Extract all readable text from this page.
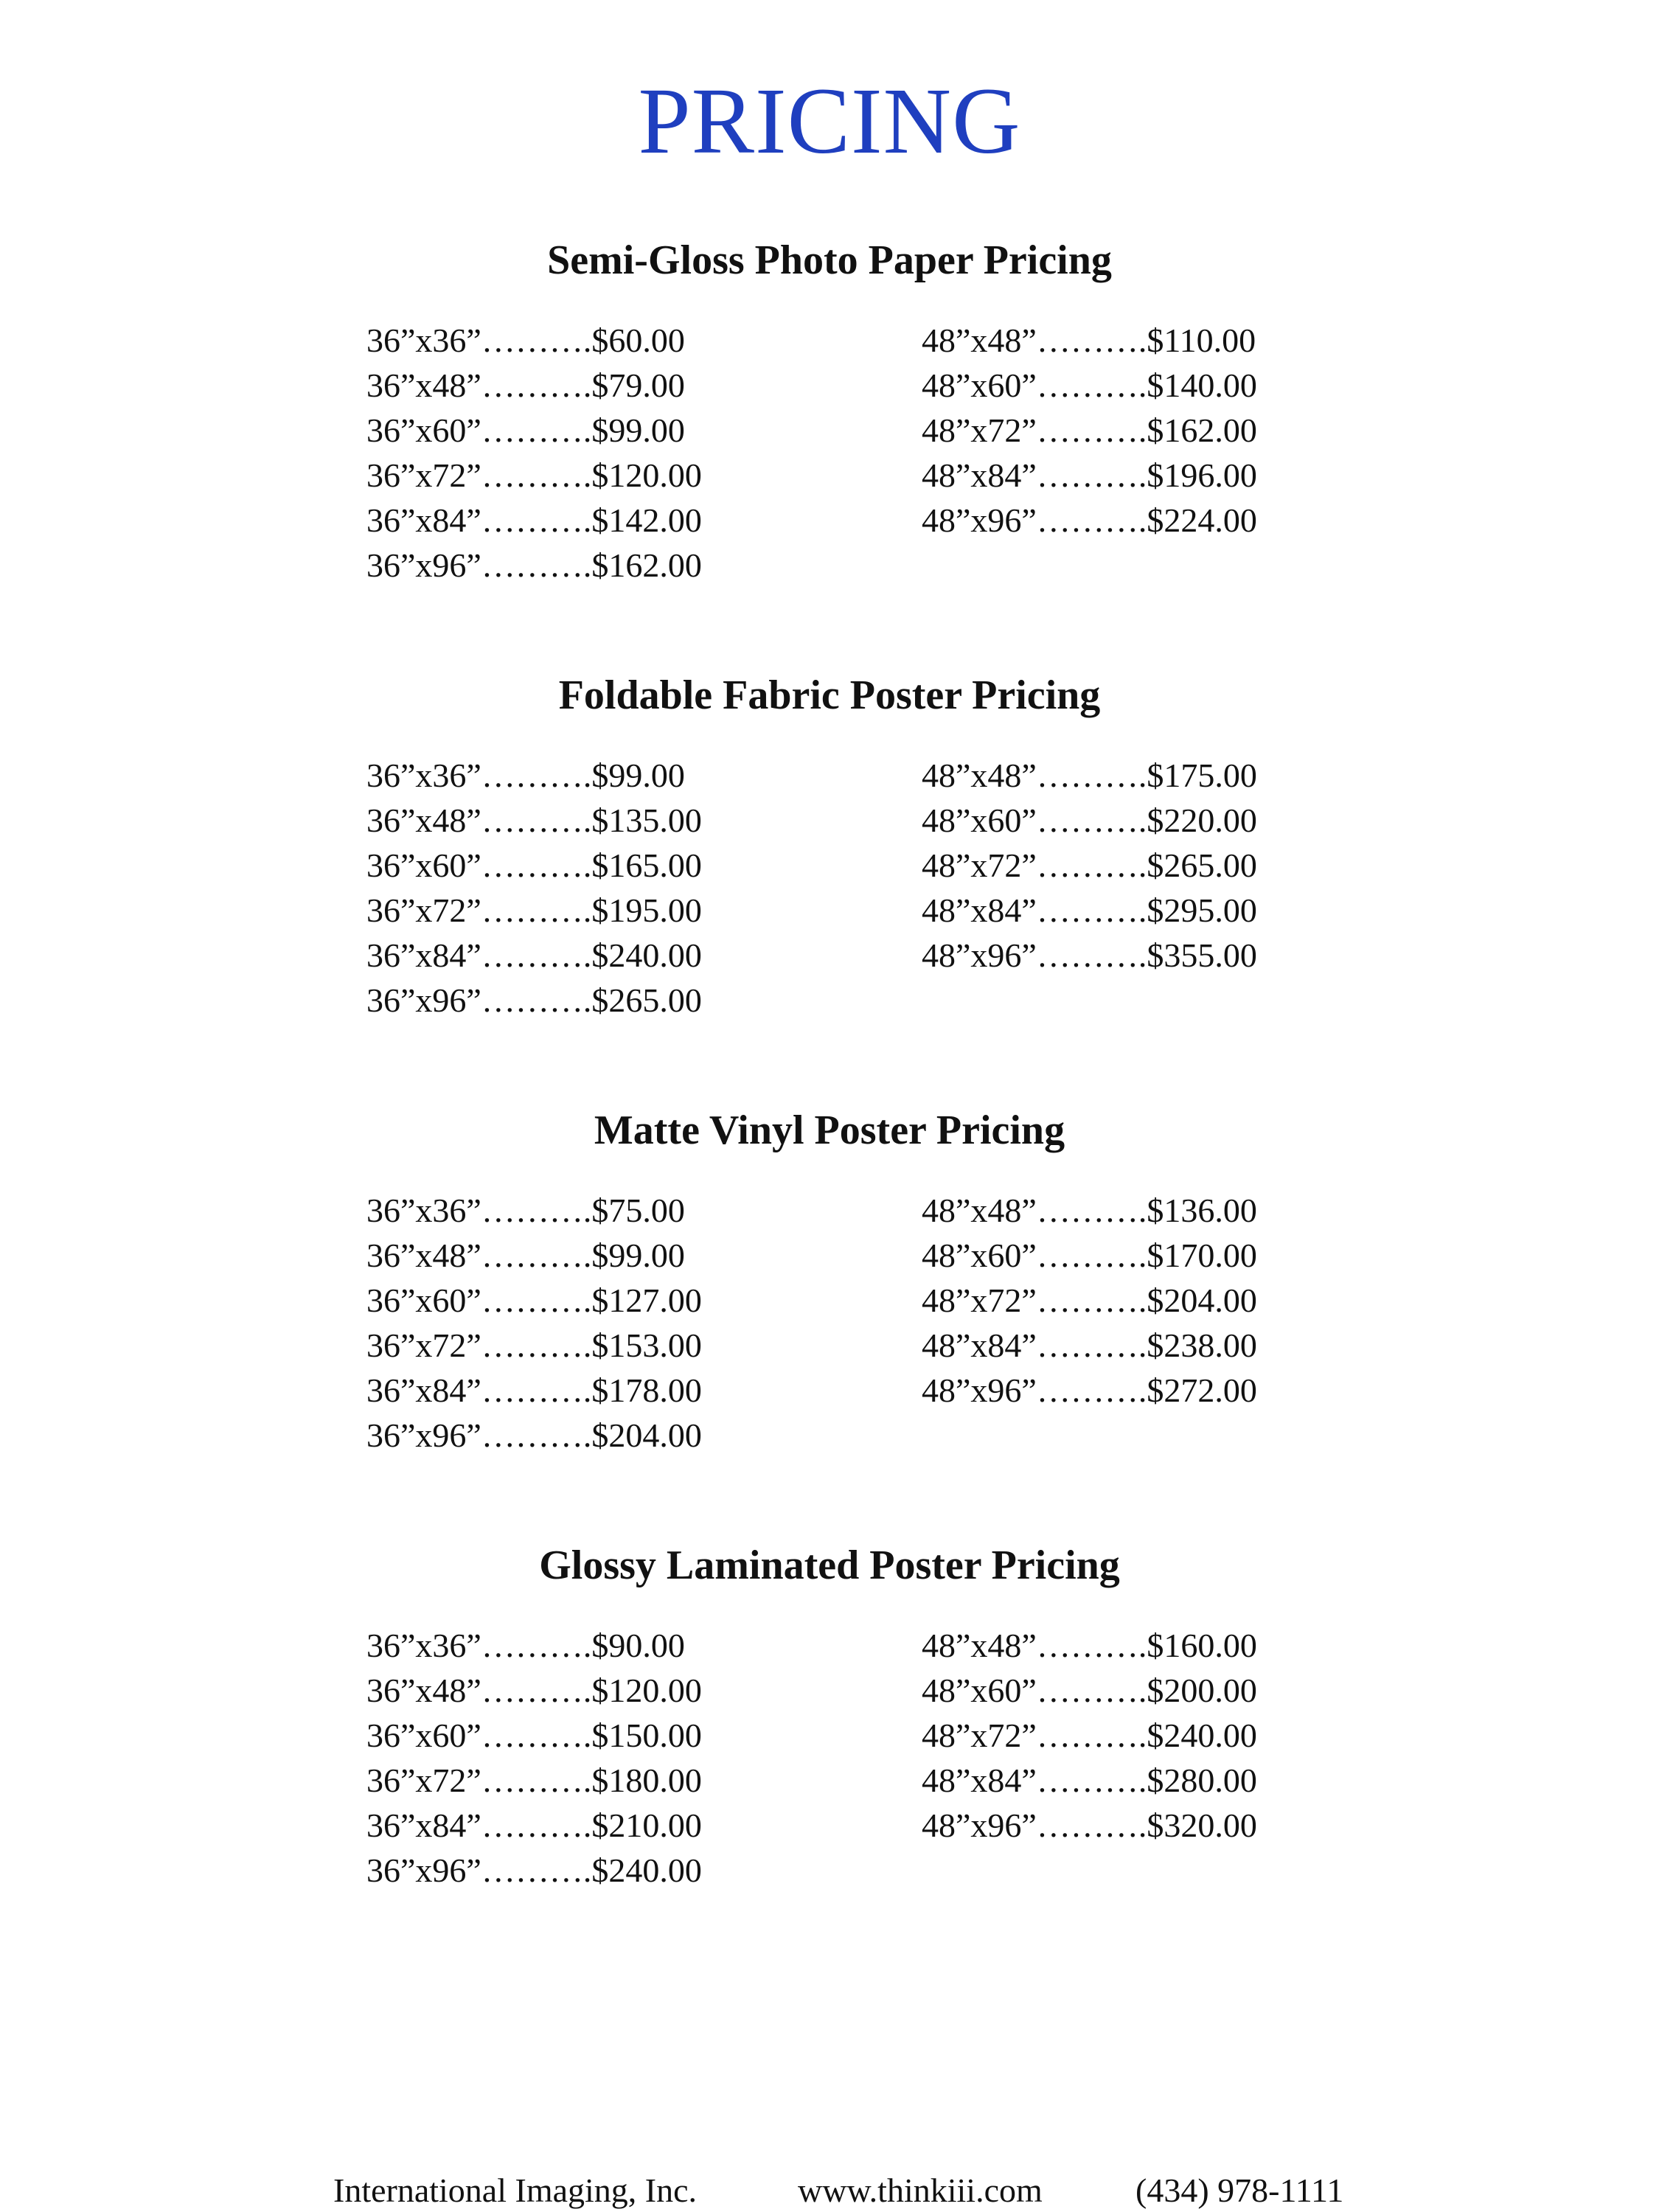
PRICING
Semi-Gloss Photo Paper Pricing
36”x36”……….$60.00
36”x48”……….$79.00
36”x60”……….$99.00
36”x72”……….$120.00
36”x84”……….$142.00
36”x96”……….$162.00
48”x48”……….$110.00
48”x60”……….$140.00
48”x72”……….$162.00
48”x84”……….$196.00
48”x96”……….$224.00
Foldable Fabric Poster Pricing
36”x36”……….$99.00
36”x48”……….$135.00
36”x60”……….$165.00
36”x72”……….$195.00
36”x84”……….$240.00
36”x96”……….$265.00
48”x48”……….$175.00
48”x60”……….$220.00
48”x72”……….$265.00
48”x84”……….$295.00
48”x96”……….$355.00
Matte Vinyl Poster Pricing
36”x36”……….$75.00
36”x48”……….$99.00
36”x60”……….$127.00
36”x72”……….$153.00
36”x84”……….$178.00
36”x96”……….$204.00
48”x48”……….$136.00
48”x60”……….$170.00
48”x72”……….$204.00
48”x84”……….$238.00
48”x96”……….$272.00
Glossy Laminated Poster Pricing
36”x36”……….$90.00
36”x48”……….$120.00
36”x60”……….$150.00
36”x72”……….$180.00
36”x84”……….$210.00
36”x96”……….$240.00
48”x48”……….$160.00
48”x60”……….$200.00
48”x72”……….$240.00
48”x84”……….$280.00
48”x96”……….$320.00
International Imaging, Inc.	www.thinkiii.com	(434) 978-1111
